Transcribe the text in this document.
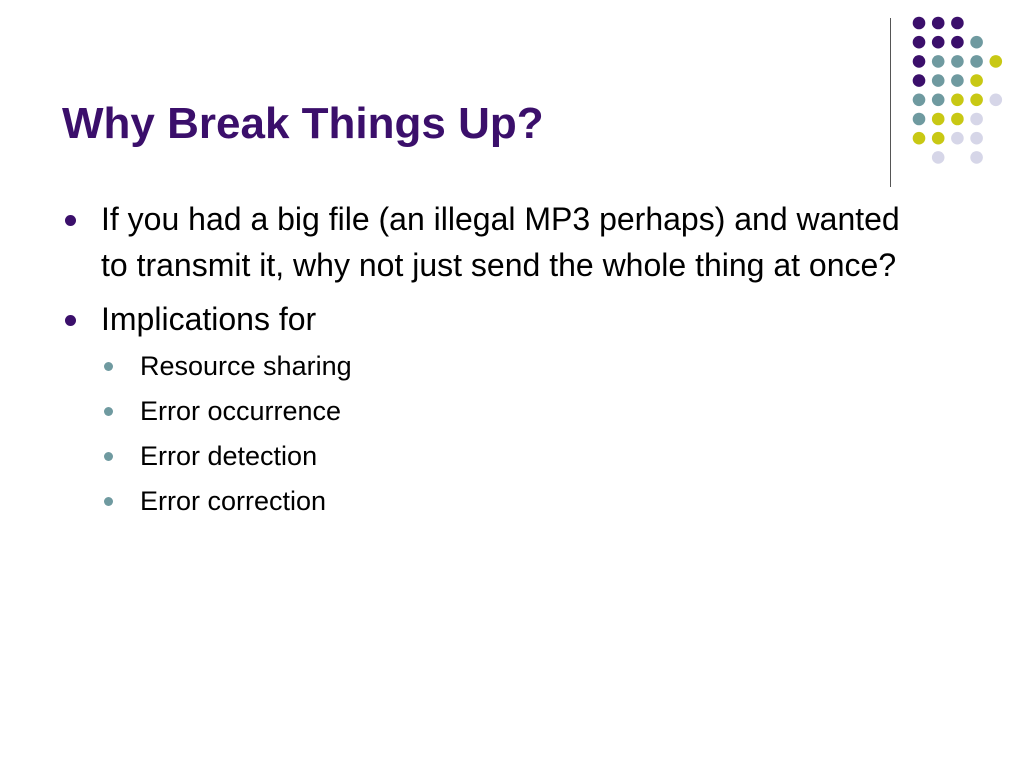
Why Break Things Up?
If you had a big file (an illegal MP3 perhaps) and wanted to transmit it, why not just send the whole thing at once?
Implications for
Resource sharing
Error occurrence
Error detection
Error correction
